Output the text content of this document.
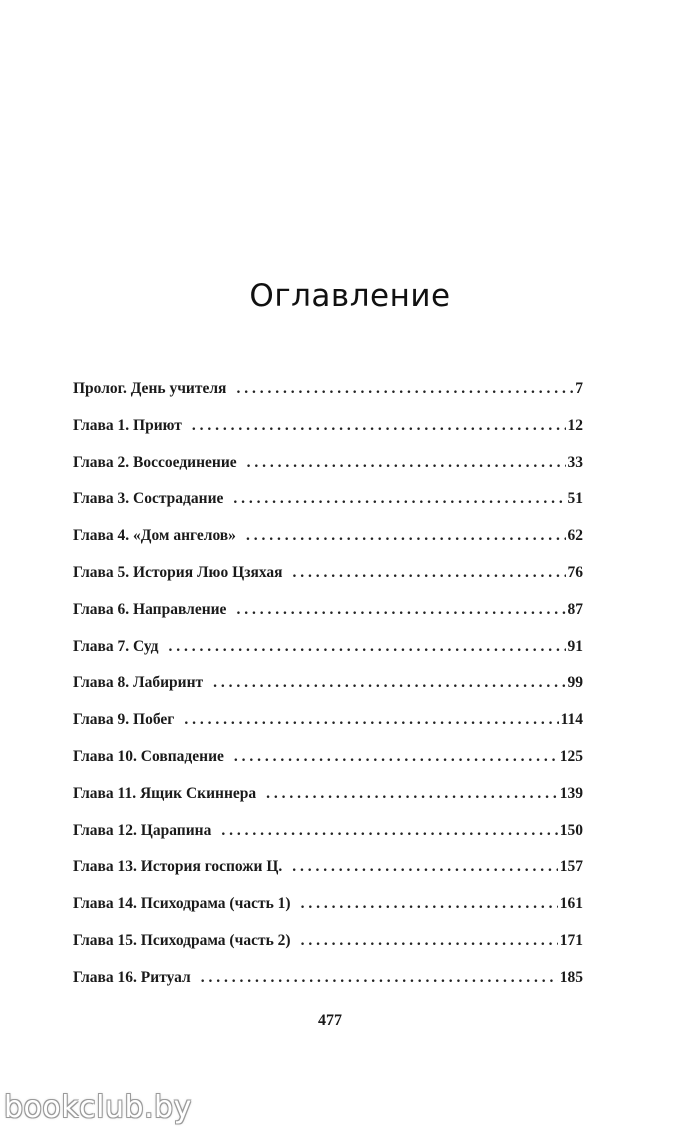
Оглавление
Пролог. День учителя . . .	7
Глава 1. Приют . . .	12
Глава 2. Воссоединение . . .	33
Глава 3. Сострадание . . .	51
Глава 4. «Дом ангелов» . . .	62
Глава 5. История Люо Цзяхая . . .	76
Глава 6. Направление . . .	87
Глава 7. Суд . . .	91
Глава 8. Лабиринт . . .	99
Глава 9. Побег . . .	114
Глава 10. Совпадение . . .	125
Глава 11. Ящик Скиннера . . .	139
Глава 12. Царапина . . .	150
Глава 13. История госпожи Ц. . . .	157
Глава 14. Психодрама (часть 1) . . .	161
Глава 15. Психодрама (часть 2) . . .	171
Глава 16. Ритуал . . .	185
477
bookclub.by
